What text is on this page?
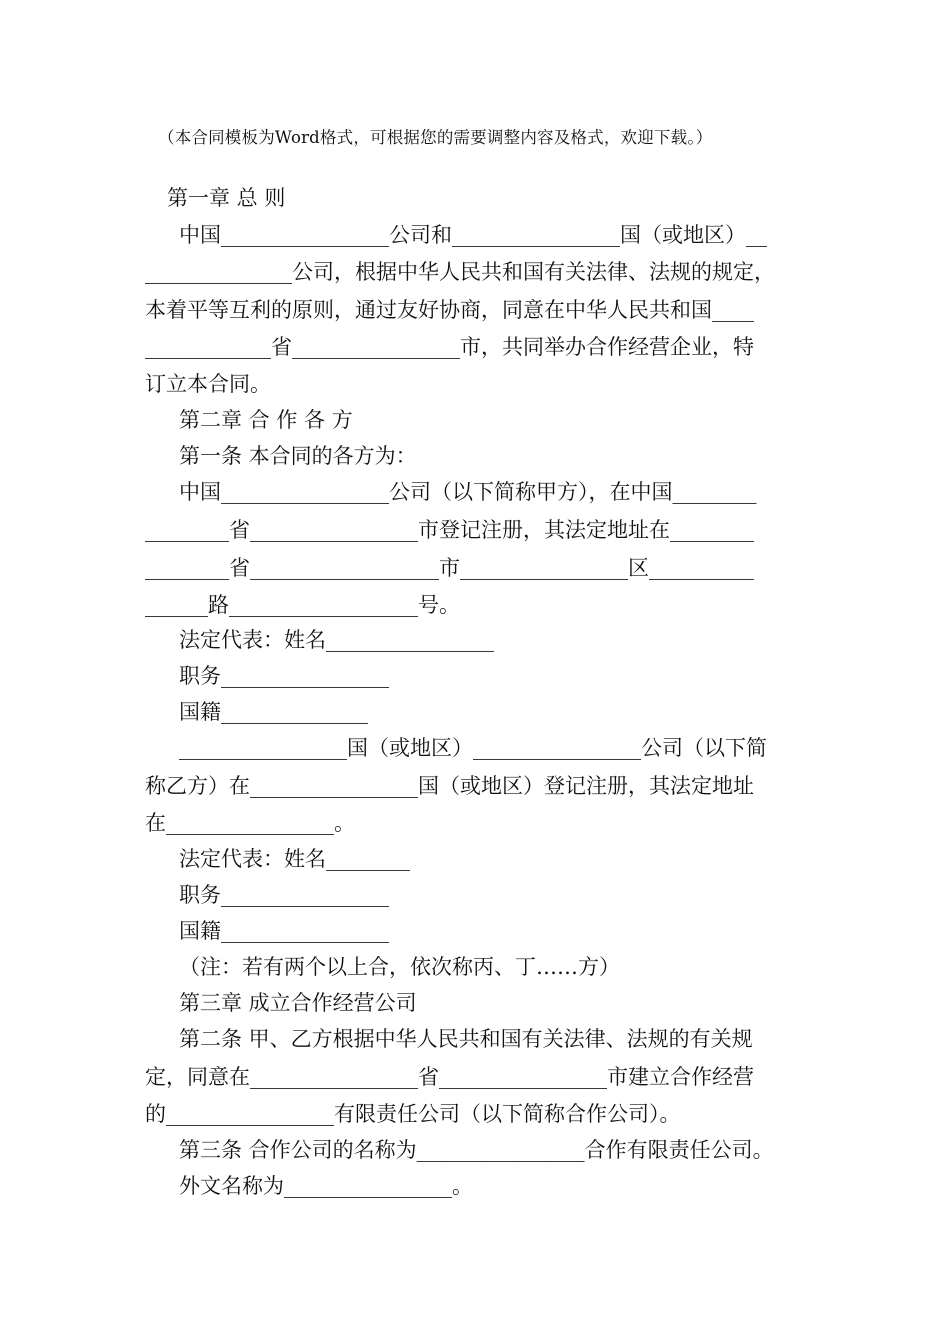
（本合同模板为Word格式，可根据您的需要调整内容及格式，欢迎下载。）
第一章 总 则
中国________________公司和________________国（或地区）__
______________公司，根据中华人民共和国有关法律、法规的规定，
本着平等互利的原则，通过友好协商，同意在中华人民共和国____
____________省________________市，共同举办合作经营企业，特
订立本合同。
第二章 合 作 各 方
第一条 本合同的各方为：
中国________________公司（以下简称甲方），在中国________
________省________________市登记注册，其法定地址在________
________省__________________市________________区__________
______路__________________号。
法定代表：姓名________________
职务________________
国籍______________
________________国（或地区）________________公司（以下简
称乙方）在________________国（或地区）登记注册，其法定地址
在________________。
法定代表：姓名________
职务________________
国籍________________
（注：若有两个以上合，依次称丙、丁……方）
第三章 成立合作经营公司
第二条 甲、乙方根据中华人民共和国有关法律、法规的有关规
定，同意在________________省________________市建立合作经营
的________________有限责任公司（以下简称合作公司）。
第三条 合作公司的名称为________________合作有限责任公司。
外文名称为________________。
